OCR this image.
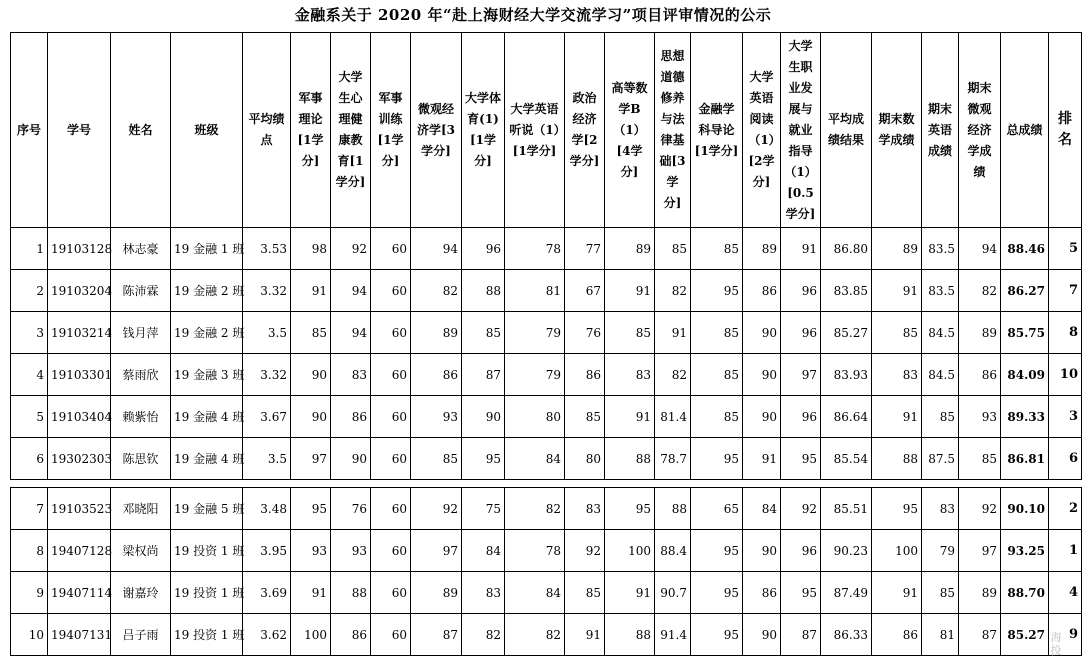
金融系关于 2020 年“赴上海财经大学交流学习”项目评审情况的公示
序号	学号	姓名	班级	平均绩点	军事理论[1学分]	大学生心理健康教育[1学分]	军事训练[1学分]	微观经济学[3学分]	大学体育(1)[1学分]	大学英语听说（1）[1学分]	政治经济学[2学分]	高等数学B（1）[4学分]	思想道德修养与法律基础[3学分]	金融学科导论[1学分]	大学英语阅读（1）[2学分]	大学生职业发展与就业指导（1）[0.5学分]	平均成绩结果	期末数学成绩	期末英语成绩	期末微观经济学成绩	总成绩	排名
1	19103128	林志豪	19 金融 1 班	3.53	98	92	60	94	96	78	77	89	85	85	89	91	86.80	89	83.5	94	88.46	5
2	19103204	陈沛霖	19 金融 2 班	3.32	91	94	60	82	88	81	67	91	82	95	86	96	83.85	91	83.5	82	86.27	7
3	19103214	钱月萍	19 金融 2 班	3.5	85	94	60	89	85	79	76	85	91	85	90	96	85.27	85	84.5	89	85.75	8
4	19103301	蔡雨欣	19 金融 3 班	3.32	90	83	60	86	87	79	86	83	82	85	90	97	83.93	83	84.5	86	84.09	10
5	19103404	赖紫怡	19 金融 4 班	3.67	90	86	60	93	90	80	85	91	81.4	85	90	96	86.64	91	85	93	89.33	3
6	19302303	陈思钦	19 金融 4 班	3.5	97	90	60	85	95	84	80	88	78.7	95	91	95	85.54	88	87.5	85	86.81	6
7	19103523	邓晓阳	19 金融 5 班	3.48	95	76	60	92	75	82	83	95	88	65	84	92	85.51	95	83	92	90.10	2
8	19407128	梁权尚	19 投资 1 班	3.95	93	93	60	97	84	78	92	100	88.4	95	90	96	90.23	100	79	97	93.25	1
9	19407114	谢嘉玲	19 投资 1 班	3.69	91	88	60	89	83	84	85	91	90.7	95	86	95	87.49	91	85	89	88.70	4
10	19407131	吕子雨	19 投资 1 班	3.62	100	86	60	87	82	82	91	88	91.4	95	90	87	86.33	86	81	87	85.27	9
海投
